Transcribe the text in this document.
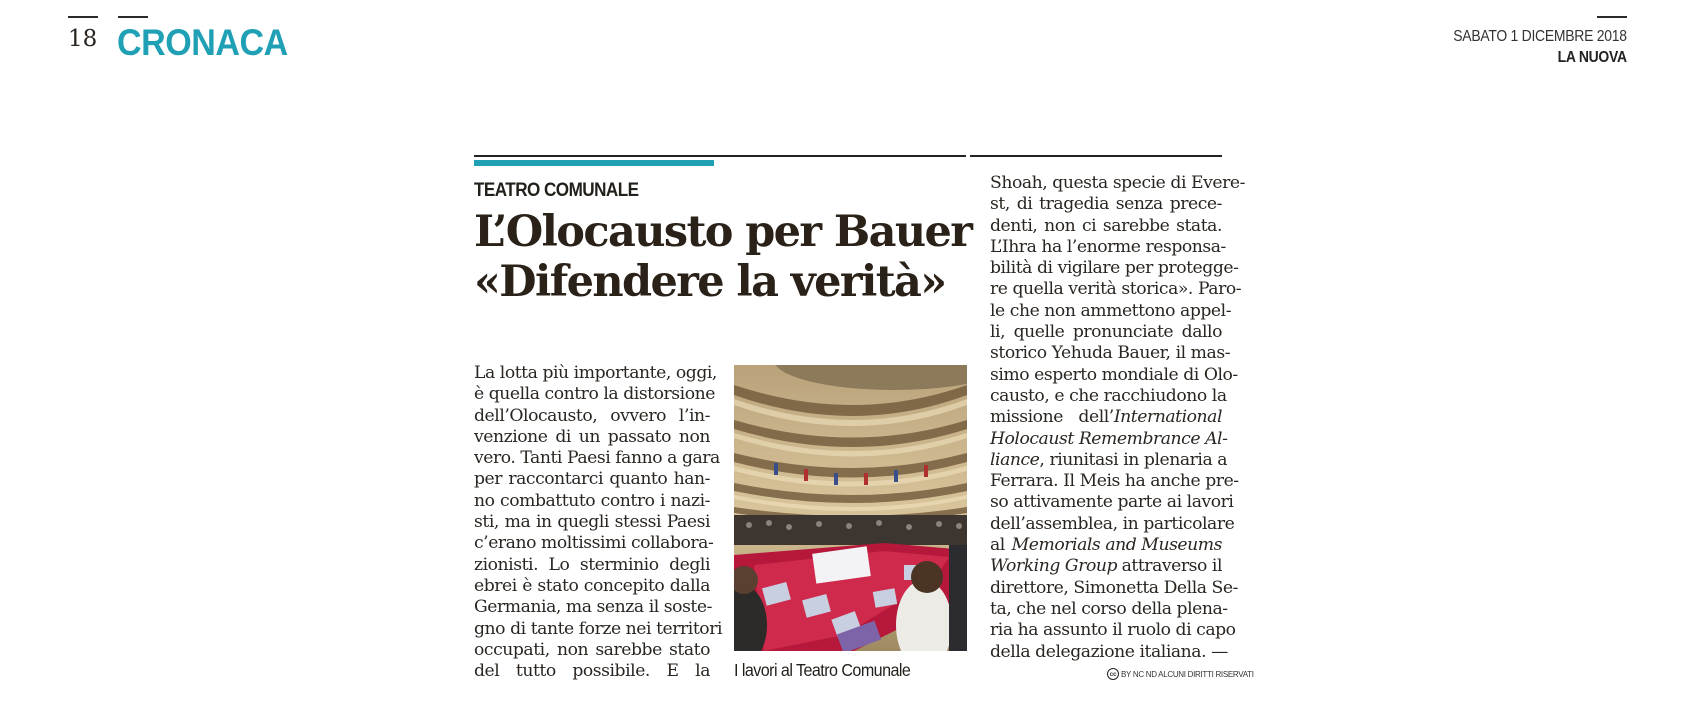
18 CRONACA	SABATO 1 DICEMBRE 2018
LA NUOVA
TEATRO COMUNALE
L’Olocausto per Bauer
«Difendere la verità»
La lotta più importante, oggi,
è quella contro la distorsione
dell’Olocausto, ovvero l’in-
venzione di un passato non
vero. Tanti Paesi fanno a gara
per raccontarci quanto han-
no combattuto contro i nazi-
sti, ma in quegli stessi Paesi
c’erano moltissimi collabora-
zionisti. Lo sterminio degli
ebrei è stato concepito dalla
Germania, ma senza il soste-
gno di tante forze nei territori
occupati, non sarebbe stato
del tutto possibile. E la I lavori al Teatro Comunale
Shoah, questa specie di Evere-
st, di tragedia senza prece-
denti, non ci sarebbe stata.
L’Ihra ha l’enorme responsa-
bilità di vigilare per protegge-
re quella verità storica». Paro-
le che non ammettono appel-
li, quelle pronunciate dallo
storico Yehuda Bauer, il mas-
simo esperto mondiale di Olo-
causto, e che racchiudono la
missione dell’International
Holocaust Remembrance Al-
liance, riunitasi in plenaria a
Ferrara. Il Meis ha anche pre-
so attivamente parte ai lavori
dell’assemblea, in particolare
al Memorials and Museums
Working Group attraverso il
direttore, Simonetta Della Se-
ta, che nel corso della plena-
ria ha assunto il ruolo di capo
della delegazione italiana. —
cc BY NC ND ALCUNI DIRITTI RISERVATI
